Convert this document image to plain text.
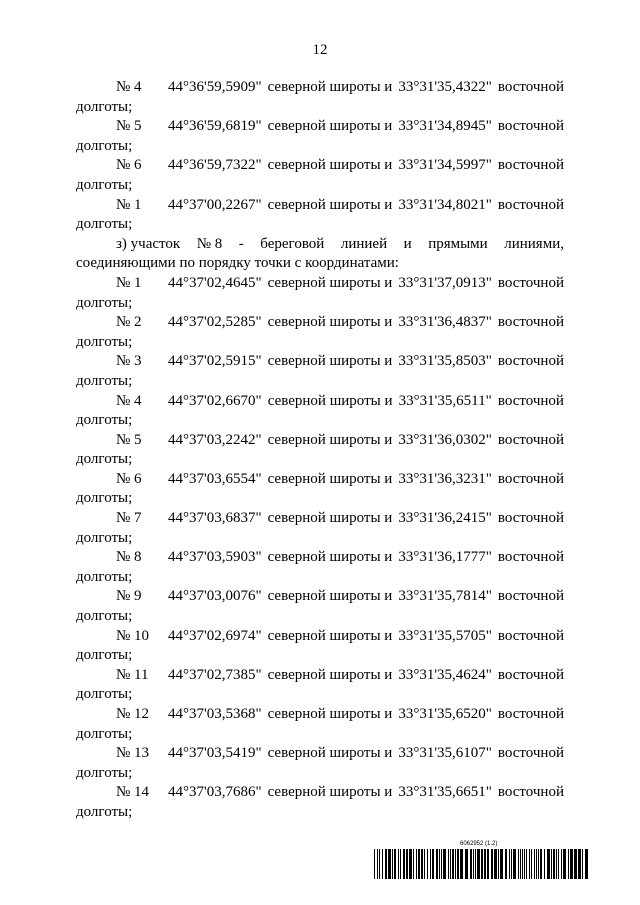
12
№ 4	44°36'59,5909" северной широты и 33°31'35,4322" восточной
долготы;
№ 5	44°36'59,6819" северной широты и 33°31'34,8945" восточной
долготы;
№ 6	44°36'59,7322" северной широты и 33°31'34,5997" восточной
долготы;
№ 1	44°37'00,2267" северной широты и 33°31'34,8021" восточной
долготы;
з) участок № 8 - береговой линией и прямыми линиями,
соединяющими по порядку точки с координатами:
№ 1	44°37'02,4645" северной широты и 33°31'37,0913" восточной
долготы;
№ 2	44°37'02,5285" северной широты и 33°31'36,4837" восточной
долготы;
№ 3	44°37'02,5915" северной широты и 33°31'35,8503" восточной
долготы;
№ 4	44°37'02,6670" северной широты и 33°31'35,6511" восточной
долготы;
№ 5	44°37'03,2242" северной широты и 33°31'36,0302" восточной
долготы;
№ 6	44°37'03,6554" северной широты и 33°31'36,3231" восточной
долготы;
№ 7	44°37'03,6837" северной широты и 33°31'36,2415" восточной
долготы;
№ 8	44°37'03,5903" северной широты и 33°31'36,1777" восточной
долготы;
№ 9	44°37'03,0076" северной широты и 33°31'35,7814" восточной
долготы;
№ 10	44°37'02,6974" северной широты и 33°31'35,5705" восточной
долготы;
№ 11	44°37'02,7385" северной широты и 33°31'35,4624" восточной
долготы;
№ 12	44°37'03,5368" северной широты и 33°31'35,6520" восточной
долготы;
№ 13	44°37'03,5419" северной широты и 33°31'35,6107" восточной
долготы;
№ 14	44°37'03,7686" северной широты и 33°31'35,6651" восточной
долготы;
6062952 (1.2)
